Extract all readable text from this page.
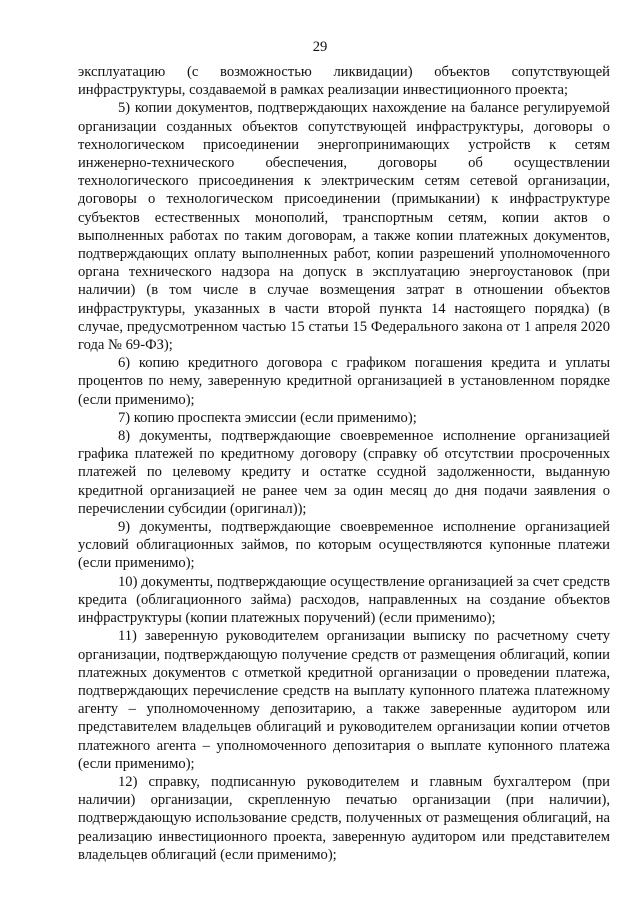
29

эксплуатацию (с возможностью ликвидации) объектов сопутствующей инфраструктуры, создаваемой в рамках реализации инвестиционного проекта;

5) копии документов, подтверждающих нахождение на балансе регулируемой организации созданных объектов сопутствующей инфраструктуры, договоры о технологическом присоединении энергопринимающих устройств к сетям инженерно-технического обеспечения, договоры об осуществлении технологического присоединения к электрическим сетям сетевой организации, договоры о технологическом присоединении (примыкании) к инфраструктуре субъектов естественных монополий, транспортным сетям, копии актов о выполненных работах по таким договорам, а также копии платежных документов, подтверждающих оплату выполненных работ, копии разрешений уполномоченного органа технического надзора на допуск в эксплуатацию энергоустановок (при наличии) (в том числе в случае возмещения затрат в отношении объектов инфраструктуры, указанных в части второй пункта 14 настоящего порядка) (в случае, предусмотренном частью 15 статьи 15 Федерального закона от 1 апреля 2020 года № 69-ФЗ);

6) копию кредитного договора с графиком погашения кредита и уплаты процентов по нему, заверенную кредитной организацией в установленном порядке (если применимо);

7) копию проспекта эмиссии (если применимо);

8) документы, подтверждающие своевременное исполнение организацией графика платежей по кредитному договору (справку об отсутствии просроченных платежей по целевому кредиту и остатке ссудной задолженности, выданную кредитной организацией не ранее чем за один месяц до дня подачи заявления о перечислении субсидии (оригинал));

9) документы, подтверждающие своевременное исполнение организацией условий облигационных займов, по которым осуществляются купонные платежи (если применимо);

10) документы, подтверждающие осуществление организацией за счет средств кредита (облигационного займа) расходов, направленных на создание объектов инфраструктуры (копии платежных поручений) (если применимо);

11) заверенную руководителем организации выписку по расчетному счету организации, подтверждающую получение средств от размещения облигаций, копии платежных документов с отметкой кредитной организации о проведении платежа, подтверждающих перечисление средств на выплату купонного платежа платежному агенту – уполномоченному депозитарию, а также заверенные аудитором или представителем владельцев облигаций и руководителем организации копии отчетов платежного агента – уполномоченного депозитария о выплате купонного платежа (если применимо);

12) справку, подписанную руководителем и главным бухгалтером (при наличии) организации, скрепленную печатью организации (при наличии), подтверждающую использование средств, полученных от размещения облигаций, на реализацию инвестиционного проекта, заверенную аудитором или представителем владельцев облигаций (если применимо);
